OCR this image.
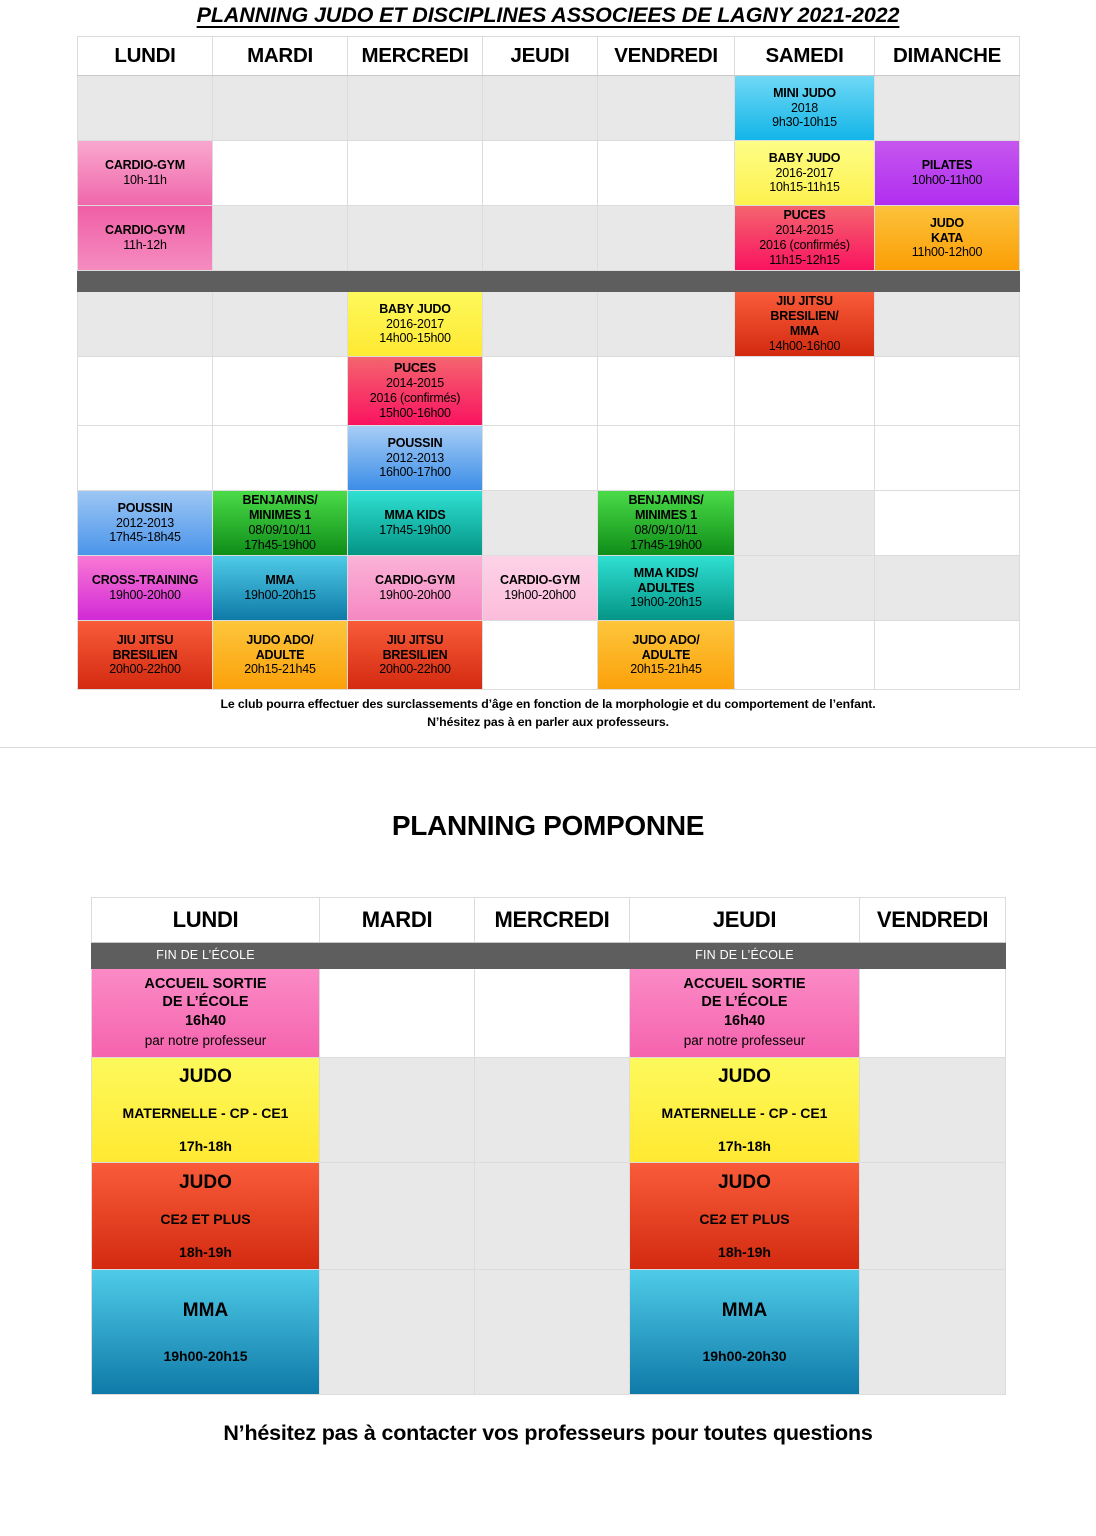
PLANNING JUDO ET DISCIPLINES ASSOCIEES DE LAGNY 2021-2022
LUNDI	MARDI	MERCREDI	JEUDI	VENDREDI	SAMEDI	DIMANCHE

					MINI JUDO
2018
9h30-10h15	

CARDIO-GYM
10h-11h					BABY JUDO
2016-2017
10h15-11h15	PILATES
10h00-11h00

CARDIO-GYM
11h-12h					PUCES
2014-2015
2016 (confirmés)
11h15-12h15	JUDO
KATA
11h00-12h00

		BABY JUDO
2016-2017
14h00-15h00			JIU JITSU
BRESILIEN/
MMA
14h00-16h00	

		PUCES
2014-2015
2016 (confirmés)
15h00-16h00				

		POUSSIN
2012-2013
16h00-17h00				

POUSSIN
2012-2013
17h45-18h45	BENJAMINS/
MINIMES 1
08/09/10/11
17h45-19h00	MMA KIDS
17h45-19h00		BENJAMINS/
MINIMES 1
08/09/10/11
17h45-19h00		

CROSS-TRAINING
19h00-20h00	MMA
19h00-20h15	CARDIO-GYM
19h00-20h00	CARDIO-GYM
19h00-20h00	MMA KIDS/
ADULTES
19h00-20h15		

JIU JITSU
BRESILIEN
20h00-22h00	JUDO ADO/
ADULTE
20h15-21h45	JIU JITSU
BRESILIEN
20h00-22h00		JUDO ADO/
ADULTE
20h15-21h45		

Le club pourra effectuer des surclassements d’âge en fonction de la morphologie et du comportement de l’enfant.
N’hésitez pas à en parler aux professeurs.
PLANNING POMPONNE
LUNDI	MARDI	MERCREDI	JEUDI	VENDREDI
FIN DE L’ÉCOLE			FIN DE L’ÉCOLE	

ACCUEIL SORTIE
DE L’ÉCOLE
16h40
par notre professeur			ACCUEIL SORTIE
DE L’ÉCOLE
16h40
par notre professeur	

JUDO
MATERNELLE - CP - CE1
17h-18h			JUDO
MATERNELLE - CP - CE1
17h-18h	

JUDO
CE2 ET PLUS
18h-19h			JUDO
CE2 ET PLUS
18h-19h	

MMA
19h00-20h15			MMA
19h00-20h30	

N’hésitez pas à contacter vos professeurs pour toutes questions
